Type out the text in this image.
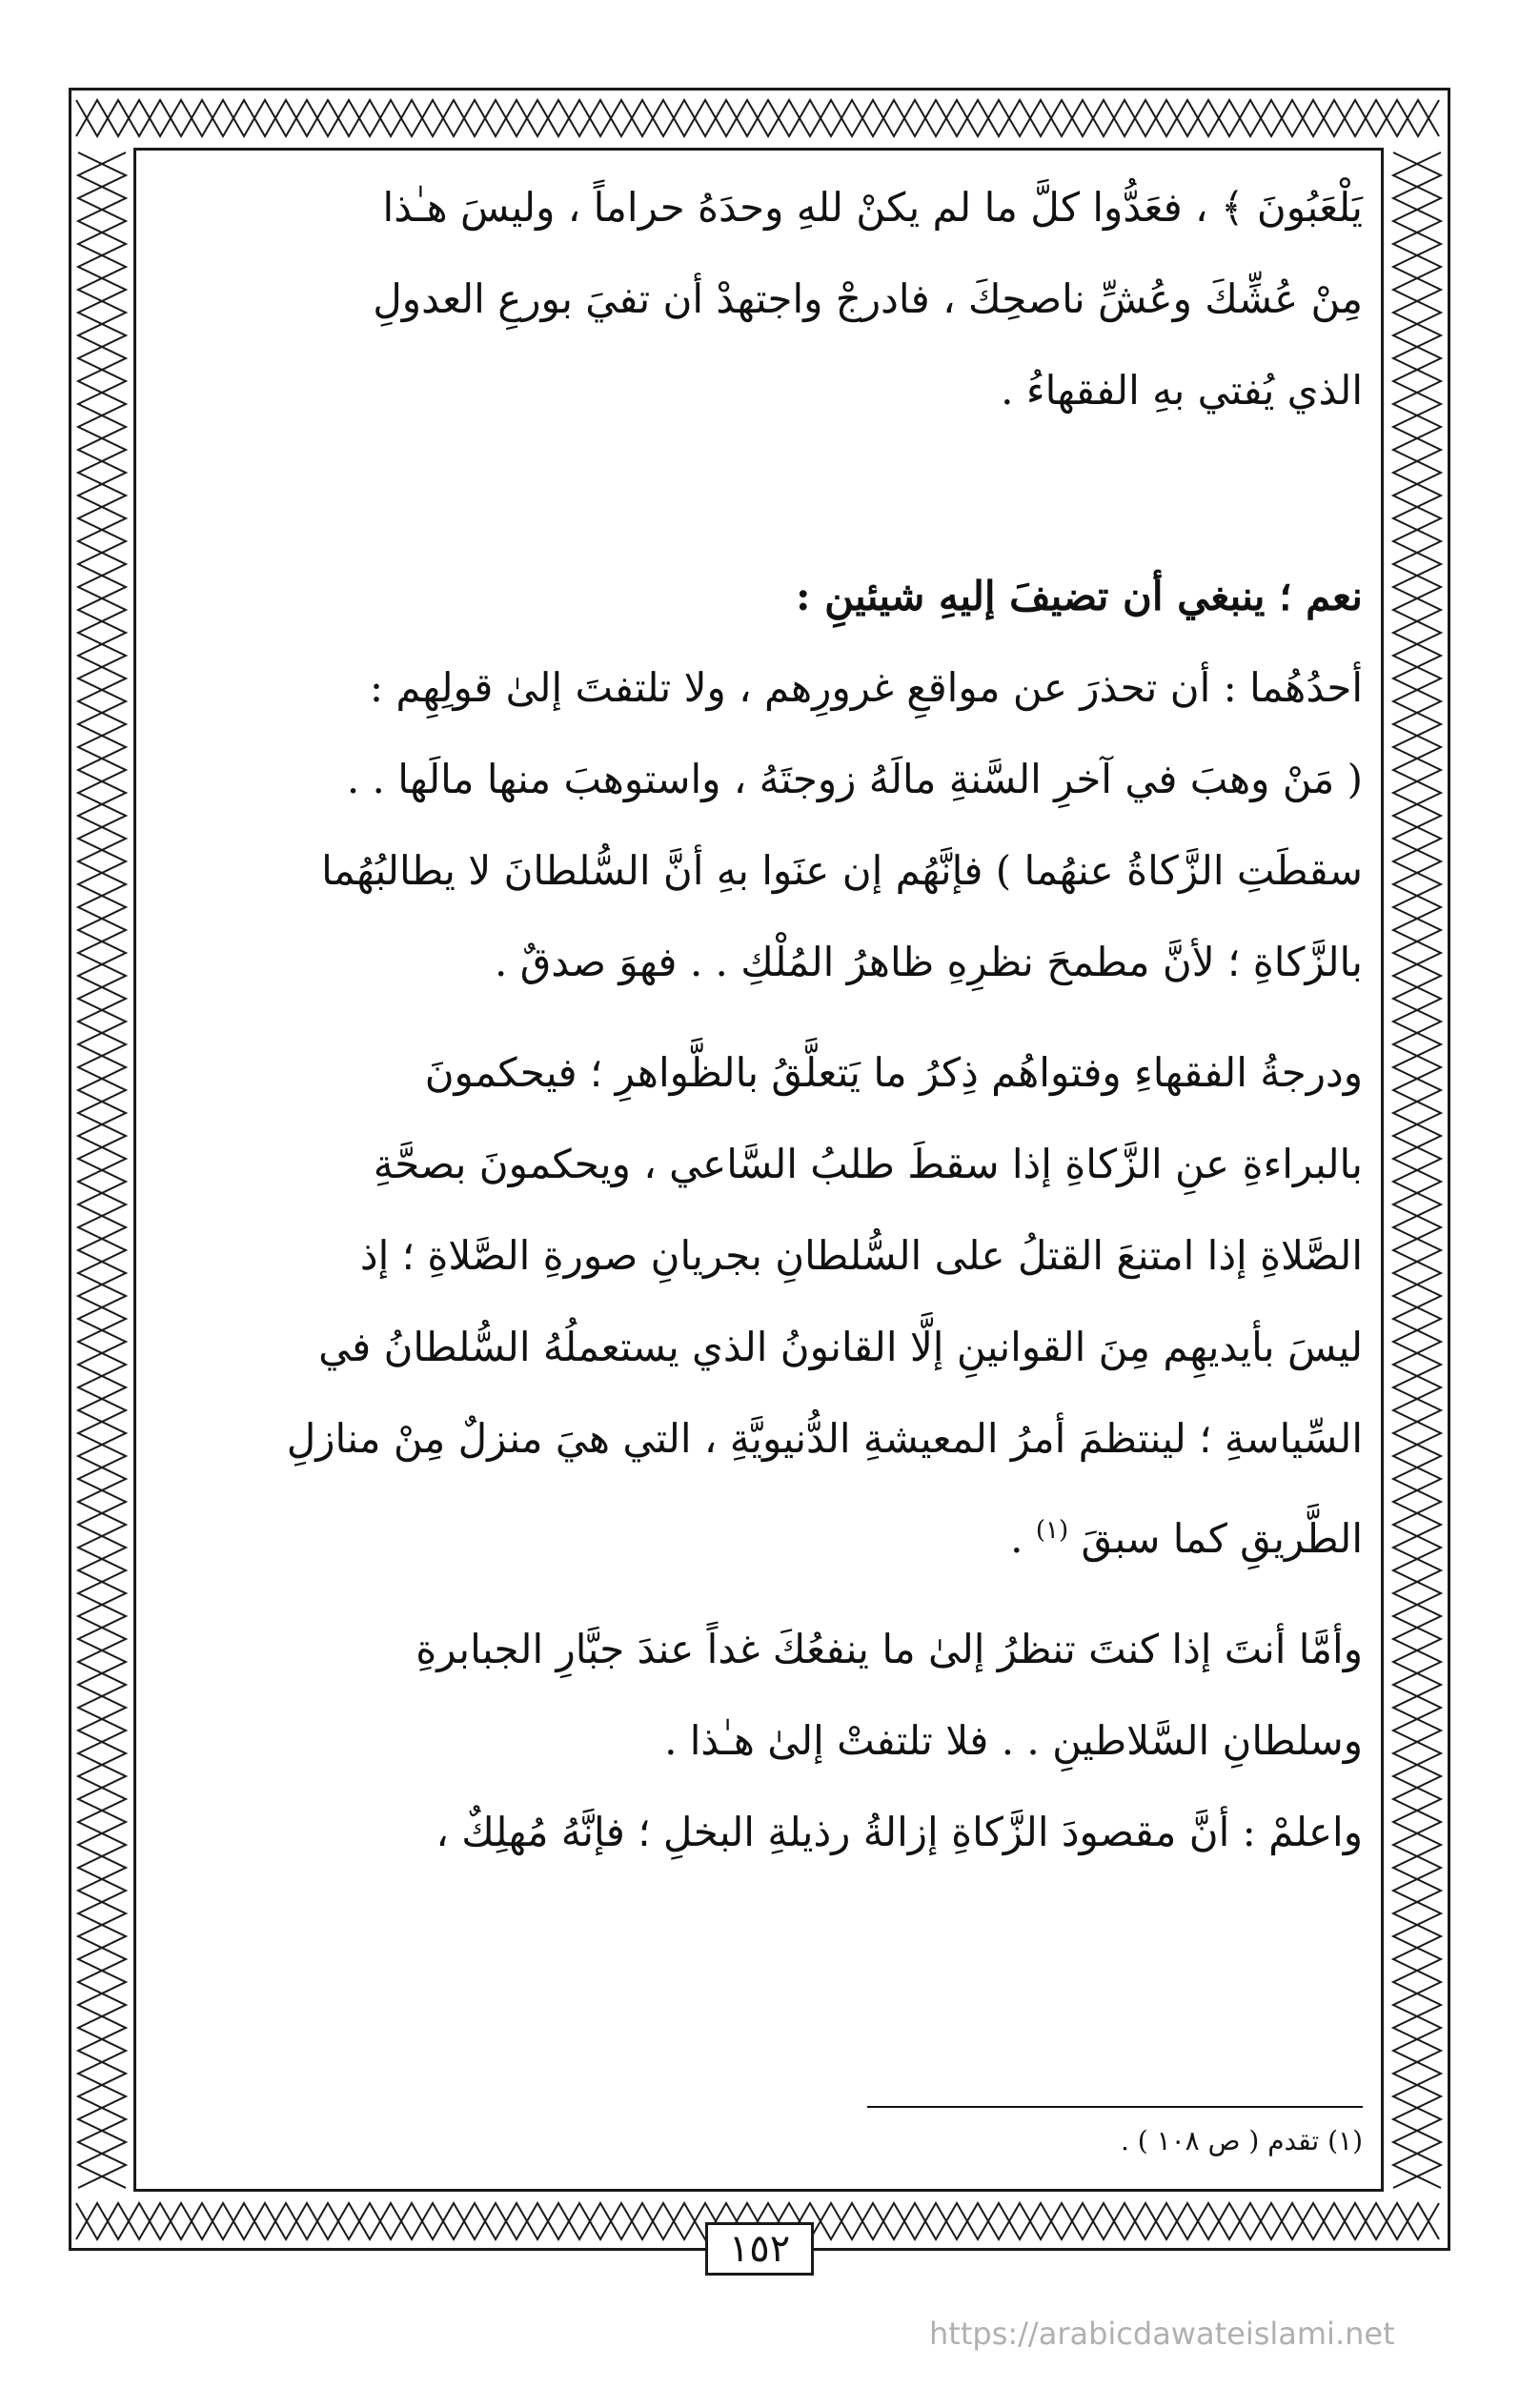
يَلْعَبُونَ ﴾ ، فعَدُّوا كلَّ ما لم يكنْ للهِ وحدَهُ حراماً ، وليسَ هـٰذا
مِنْ عُشِّكَ وعُشِّ ناصحِكَ ، فادرجْ واجتهدْ أن تفيَ بورعِ العدولِ
الذي يُفتي بهِ الفقهاءُ .
نعم ؛ ينبغي أن تضيفَ إليهِ شيئينِ :
أحدُهُما : أن تحذرَ عن مواقعِ غرورِهم ، ولا تلتفتَ إلىٰ قولِهِم :
( مَنْ وهبَ في آخرِ السَّنةِ مالَهُ زوجتَهُ ، واستوهبَ منها مالَها . .
سقطَتِ الزَّكاةُ عنهُما ) فإنَّهُم إن عنَوا بهِ أنَّ السُّلطانَ لا يطالبُهُما
بالزَّكاةِ ؛ لأنَّ مطمحَ نظرِهِ ظاهرُ المُلْكِ . . فهوَ صدقٌ .
ودرجةُ الفقهاءِ وفتواهُم ذِكرُ ما يَتعلَّقُ بالظَّواهرِ ؛ فيحكمونَ
بالبراءةِ عنِ الزَّكاةِ إذا سقطَ طلبُ السَّاعي ، ويحكمونَ بصحَّةِ
الصَّلاةِ إذا امتنعَ القتلُ على السُّلطانِ بجريانِ صورةِ الصَّلاةِ ؛ إذ
ليسَ بأيديهِم مِنَ القوانينِ إلَّا القانونُ الذي يستعملُهُ السُّلطانُ في
السِّياسةِ ؛ لينتظمَ أمرُ المعيشةِ الدُّنيويَّةِ ، التي هيَ منزلٌ مِنْ منازلِ
الطَّريقِ كما سبقَ $^{(١)}$ .
وأمَّا أنتَ إذا كنتَ تنظرُ إلىٰ ما ينفعُكَ غداً عندَ جبَّارِ الجبابرةِ
وسلطانِ السَّلاطينِ . . فلا تلتفتْ إلىٰ هـٰذا .
واعلمْ : أنَّ مقصودَ الزَّكاةِ إزالةُ رذيلةِ البخلِ ؛ فإنَّهُ مُهلِكٌ ،
(١) تقدم ( ص ١٠٨ ) .
١٥٢
https://arabicdawateislami.net
